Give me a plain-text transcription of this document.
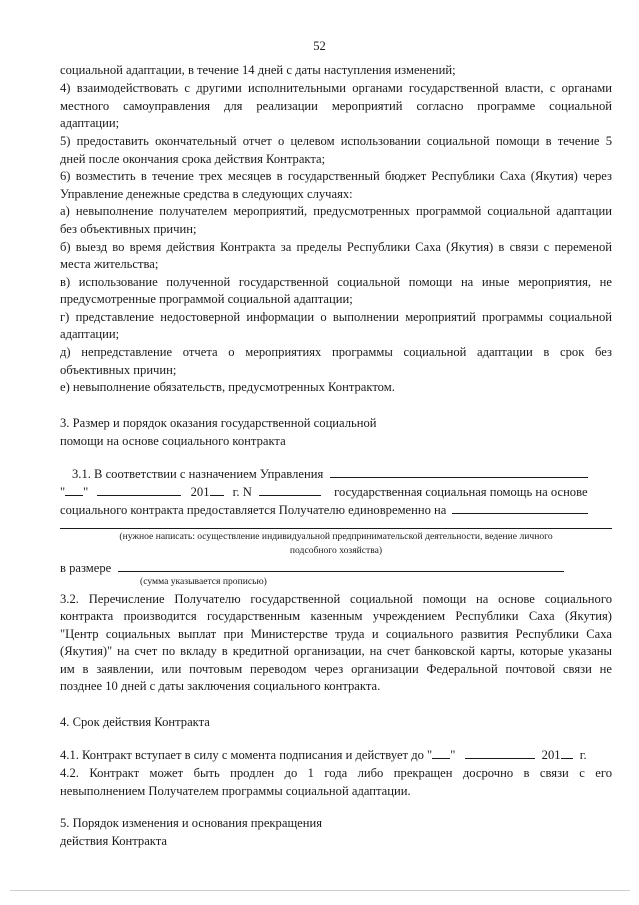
52
социальной адаптации, в течение 14 дней с даты наступления изменений;
4) взаимодействовать с другими исполнительными органами государственной власти, с органами
местного самоуправления для реализации мероприятий согласно программе социальной
адаптации;
5) предоставить окончательный отчет о целевом использовании социальной помощи в течение 5
дней после окончания срока действия Контракта;
6) возместить в течение трех месяцев в государственный бюджет Республики Саха (Якутия) через
Управление денежные средства в следующих случаях:
а) невыполнение получателем мероприятий, предусмотренных программой социальной адаптации
без объективных причин;
б) выезд во время действия Контракта за пределы Республики Саха (Якутия) в связи с переменой
места жительства;
в) использование полученной государственной социальной помощи на иные мероприятия, не
предусмотренные программой социальной адаптации;
г) представление недостоверной информации о выполнении мероприятий программы социальной
адаптации;
д) непредставление отчета о мероприятиях программы социальной адаптации в срок без
объективных причин;
е) невыполнение обязательств, предусмотренных Контрактом.
3. Размер и порядок оказания государственной социальной
помощи на основе социального контракта
3.1. В соответствии с назначением Управления
" "	201 г. N	государственная социальная помощь на основе
социального контракта предоставляется Получателю единовременно на
(нужное написать: осуществление индивидуальной предпринимательской деятельности, ведение личного
подсобного хозяйства)
в размере
(сумма указывается прописью)
3.2. Перечисление Получателю государственной социальной помощи на основе социального
контракта производится государственным казенным учреждением Республики Саха (Якутия)
"Центр социальных выплат при Министерстве труда и социального развития Республики Саха
(Якутия)" на счет по вкладу в кредитной организации, на счет банковской карты, которые указаны
им в заявлении, или почтовым переводом через организации Федеральной почтовой связи не
позднее 10 дней с даты заключения социального контракта.
4. Срок действия Контракта
4.1. Контракт вступает в силу с момента подписания и действует до " "	201 г.
4.2. Контракт может быть продлен до 1 года либо прекращен досрочно в связи с его
невыполнением Получателем программы социальной адаптации.
5. Порядок изменения и основания прекращения
действия Контракта
